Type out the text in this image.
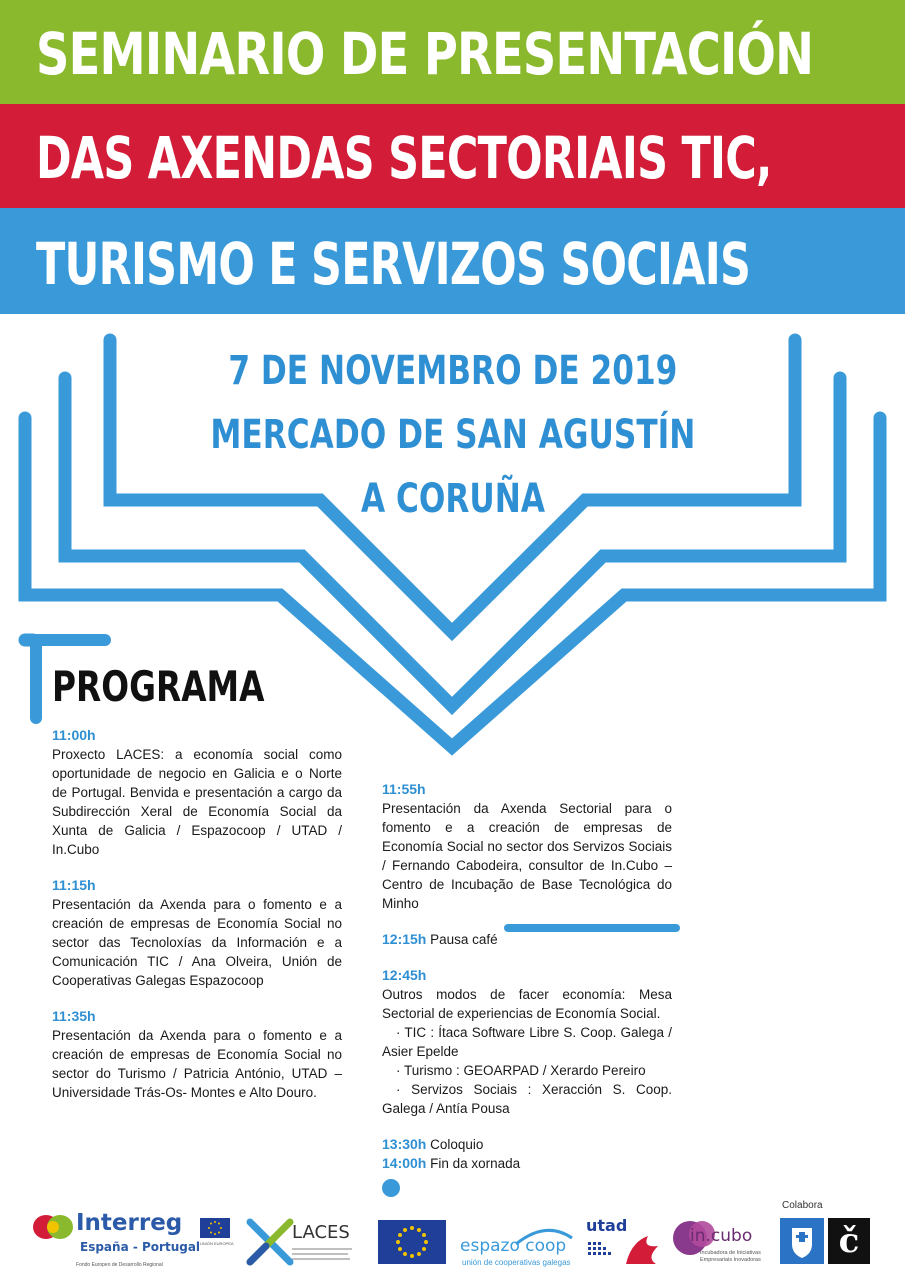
SEMINARIO DE PRESENTACIÓN
DAS AXENDAS SECTORIAIS TIC,
TURISMO E SERVIZOS SOCIAIS
7 DE NOVEMBRO DE 2019
MERCADO DE SAN AGUSTÍN
A CORUÑA
PROGRAMA
11:00h
Proxecto LACES: a economía social como oportunidade de negocio en Galicia e o Norte de Portugal. Benvida e presentación a cargo da Subdirección Xeral de Economía Social da Xunta de Galicia / Espazocoop / UTAD / In.Cubo
11:15h
Presentación da Axenda para o fomento e a creación de empresas de Economía Social no sector das Tecnoloxías da Información e a Comunicación TIC / Ana Olveira, Unión de Cooperativas Galegas Espazocoop
11:35h
Presentación da Axenda para o fomento e a creación de empresas de Economía Social no sector do Turismo / Patricia António, UTAD – Universidade Trás-Os- Montes e Alto Douro.
11:55h
Presentación da Axenda Sectorial para o fomento e a creación de empresas de Economía Social no sector dos Servizos Sociais / Fernando Cabodeira, consultor de In.Cubo – Centro de Incubação de Base Tecnológica do Minho
12:15h Pausa café
12:45h
Outros modos de facer economía: Mesa Sectorial de experiencias de Economía Social.
· TIC : Ítaca Software Libre S. Coop. Galega / Asier Epelde
· Turismo : GEOARPAD / Xerardo Pereiro
· Servizos Sociais : Xeracción S. Coop. Galega / Antía Pousa
13:30h Coloquio
14:00h Fin da xornada
Interreg
España - Portugal
Fondo Europeo de Desarrollo Regional
UNIÓN EUROPEA
LACES
espazo coop
unión de cooperativas galegas
utad
in.cubo
Incubadora de Iniciativas Empresariais Inovadoras
Colabora
č
